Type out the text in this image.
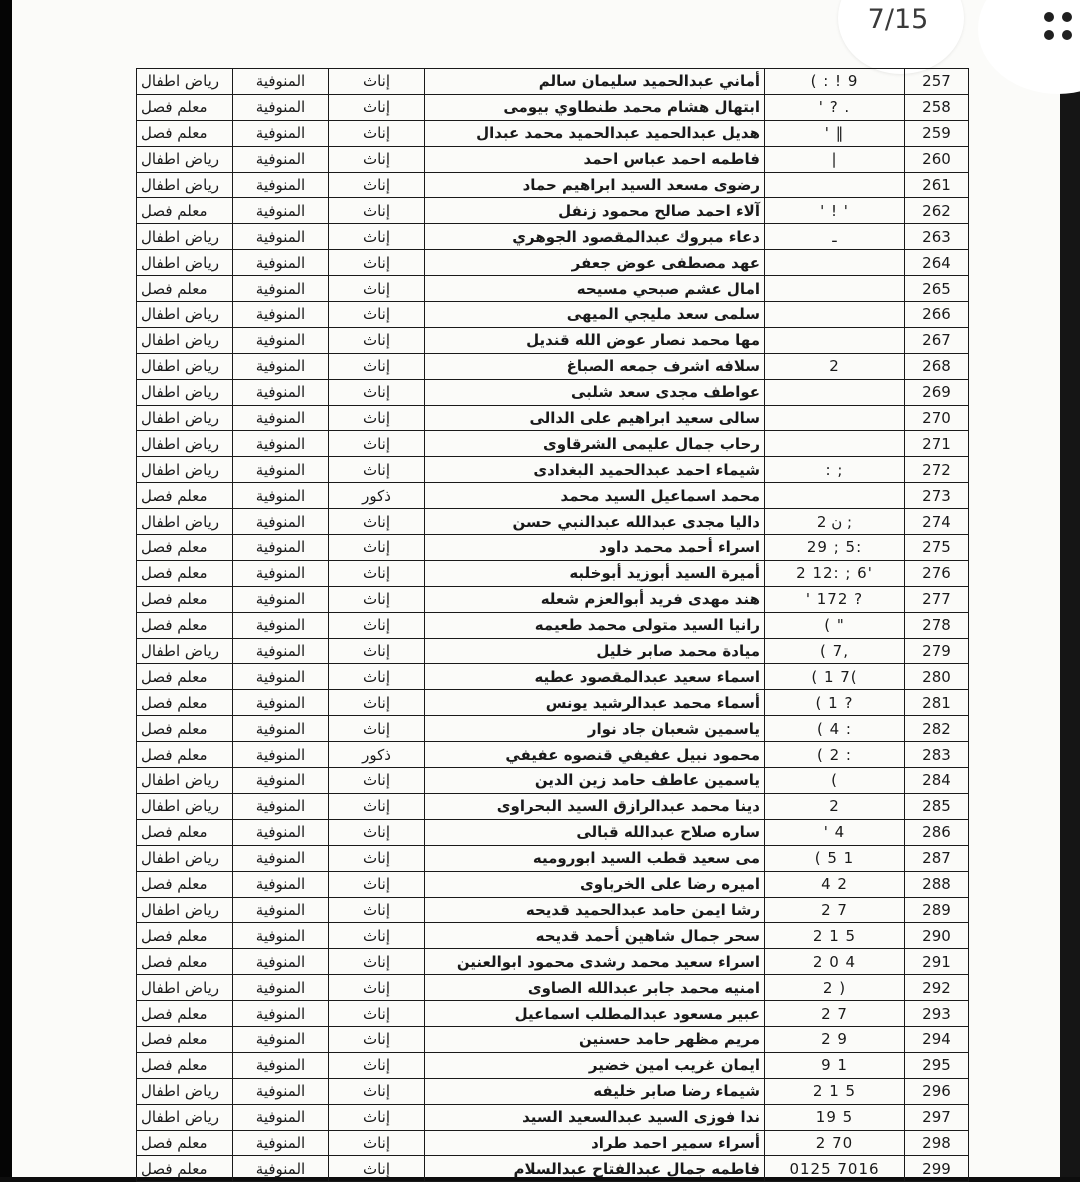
7/15
رياض اطفال	المنوفية	إناث	أماني عبدالحميد سليمان سالم	( : ! 9	257
معلم فصل	المنوفية	إناث	ابتهال هشام محمد طنطاوي بيومى	' ? .	258
معلم فصل	المنوفية	إناث	هديل عبدالحميد عبدالحميد محمد عبدال	' ‖	259
رياض اطفال	المنوفية	إناث	فاطمه احمد عباس احمد	|	260
رياض اطفال	المنوفية	إناث	رضوى مسعد السيد ابراهيم حماد		261
معلم فصل	المنوفية	إناث	آلاء احمد صالح محمود زنفل	' ! '	262
رياض اطفال	المنوفية	إناث	دعاء مبروك عبدالمقصود الجوهري	ـ	263
رياض اطفال	المنوفية	إناث	عهد مصطفى عوض جعفر		264
معلم فصل	المنوفية	إناث	امال عشم صبحي مسيحه		265
رياض اطفال	المنوفية	إناث	سلمى سعد مليجي الميهى		266
رياض اطفال	المنوفية	إناث	مها محمد نصار عوض الله قنديل		267
رياض اطفال	المنوفية	إناث	سلافه اشرف جمعه الصباغ	2	268
رياض اطفال	المنوفية	إناث	عواطف مجدى سعد شلبى		269
رياض اطفال	المنوفية	إناث	سالى سعيد ابراهيم على الدالى		270
رياض اطفال	المنوفية	إناث	رحاب جمال عليمى الشرقاوى		271
رياض اطفال	المنوفية	إناث	شيماء احمد عبدالحميد البغدادى	: ;	272
معلم فصل	المنوفية	ذكور	محمد اسماعيل السيد محمد		273
رياض اطفال	المنوفية	إناث	داليا مجدى عبدالله عبدالنبي حسن	ن 2 ;	274
معلم فصل	المنوفية	إناث	اسراء أحمد محمد داود	29 ; 5:	275
معلم فصل	المنوفية	إناث	أميرة السيد أبوزيد أبوخلبه	2 12: ; 6'	276
معلم فصل	المنوفية	إناث	هند مهدى فريد أبوالعزم شعله	' 172 ?	277
معلم فصل	المنوفية	إناث	رانيا السيد متولى محمد طعيمه	( "	278
رياض اطفال	المنوفية	إناث	ميادة محمد صابر خليل	( 7,	279
معلم فصل	المنوفية	إناث	اسماء سعيد عبدالمقصود عطيه	( 1 7(	280
معلم فصل	المنوفية	إناث	أسماء محمد عبدالرشيد يونس	( 1 ?	281
معلم فصل	المنوفية	إناث	ياسمين شعبان جاد نوار	( 4 :	282
معلم فصل	المنوفية	ذكور	محمود نبيل عفيفي قنصوه عفيفي	( 2 :	283
رياض اطفال	المنوفية	إناث	ياسمين عاطف حامد زين الدين	(	284
رياض اطفال	المنوفية	إناث	دينا محمد عبدالرازق السيد البحراوى	2	285
معلم فصل	المنوفية	إناث	ساره صلاح عبدالله قبالى	' 4	286
رياض اطفال	المنوفية	إناث	مى سعيد قطب السيد ابوروميه	( 5 1	287
معلم فصل	المنوفية	إناث	اميره رضا على الخرباوى	4 2	288
رياض اطفال	المنوفية	إناث	رشا ايمن حامد عبدالحميد قديحه	2 7	289
معلم فصل	المنوفية	إناث	سحر جمال شاهين أحمد قديحه	2 1 5	290
معلم فصل	المنوفية	إناث	اسراء سعيد محمد رشدى محمود ابوالعنين	2 0 4	291
رياض اطفال	المنوفية	إناث	امنيه محمد جابر عبدالله الصاوى	2 )	292
معلم فصل	المنوفية	إناث	عبير مسعود عبدالمطلب اسماعيل	2 7	293
معلم فصل	المنوفية	إناث	مريم مظهر حامد حسنين	2 9	294
معلم فصل	المنوفية	إناث	ايمان غريب امين خضير	9 1	295
رياض اطفال	المنوفية	إناث	شيماء رضا صابر خليفه	2 1 5	296
رياض اطفال	المنوفية	إناث	ندا فوزى السيد عبدالسعيد السيد	19 5	297
معلم فصل	المنوفية	إناث	أسراء سمير احمد طراد	2 70	298
معلم فصل	المنوفية	إناث	فاطمه جمال عبدالفتاح عبدالسلام	0125 7016	299
